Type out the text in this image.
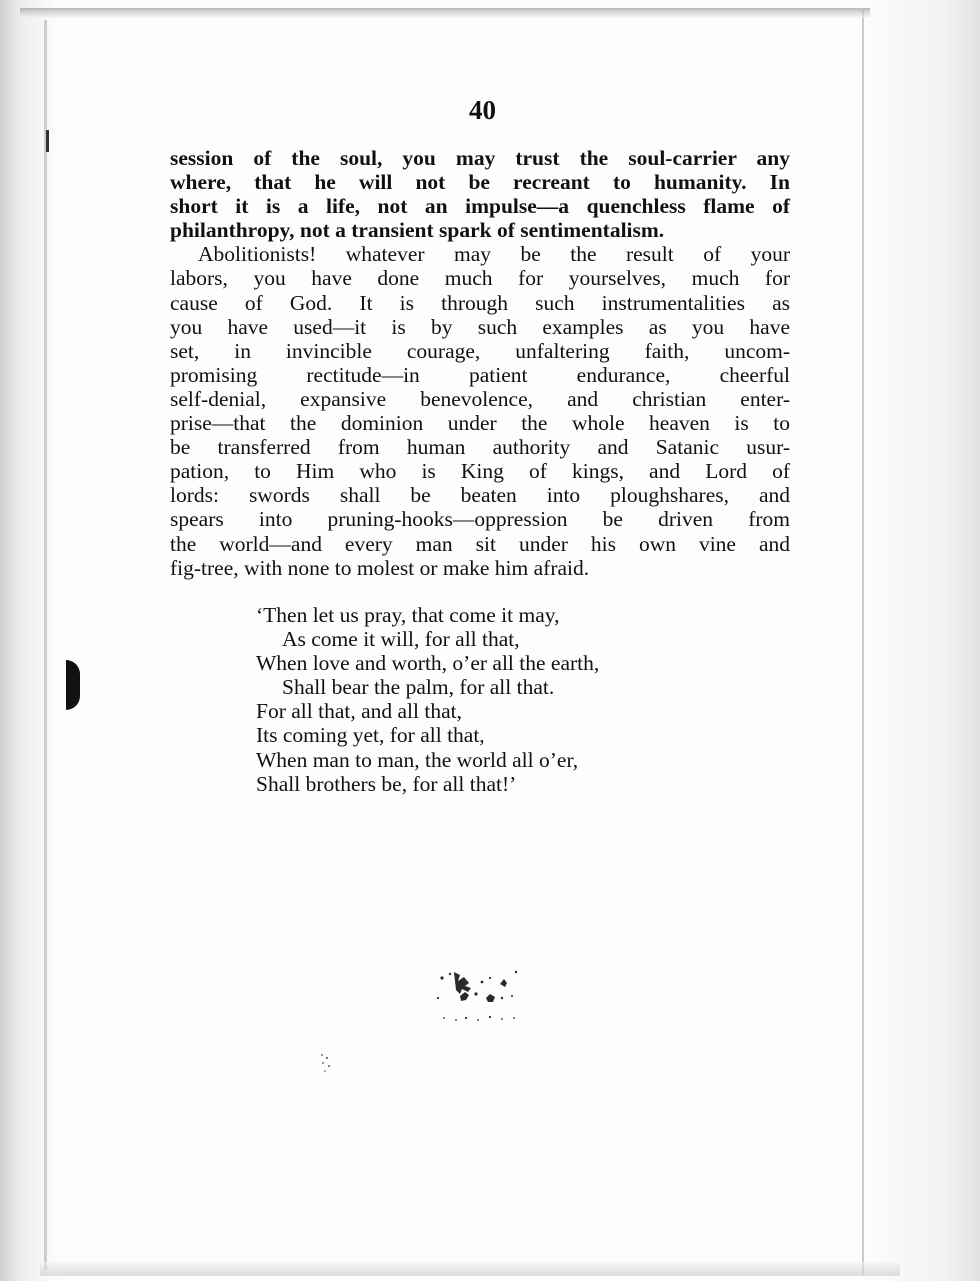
40
session of the soul, you may trust the soul-carrier any
where, that he will not be recreant to humanity. In
short it is a life, not an impulse—a quenchless flame of
philanthropy, not a transient spark of sentimentalism.
Abolitionists! whatever may be the result of your
labors, you have done much for yourselves, much for
cause of God. It is through such instrumentalities as
you have used—it is by such examples as you have
set, in invincible courage, unfaltering faith, uncom-
promising rectitude—in patient endurance, cheerful
self-denial, expansive benevolence, and christian enter-
prise—that the dominion under the whole heaven is to
be transferred from human authority and Satanic usur-
pation, to Him who is King of kings, and Lord of
lords: swords shall be beaten into ploughshares, and
spears into pruning-hooks—oppression be driven from
the world—and every man sit under his own vine and
fig-tree, with none to molest or make him afraid.
‘Then let us pray, that come it may,
As come it will, for all that,
When love and worth, o’er all the earth,
Shall bear the palm, for all that.
For all that, and all that,
Its coming yet, for all that,
When man to man, the world all o’er,
Shall brothers be, for all that!’
